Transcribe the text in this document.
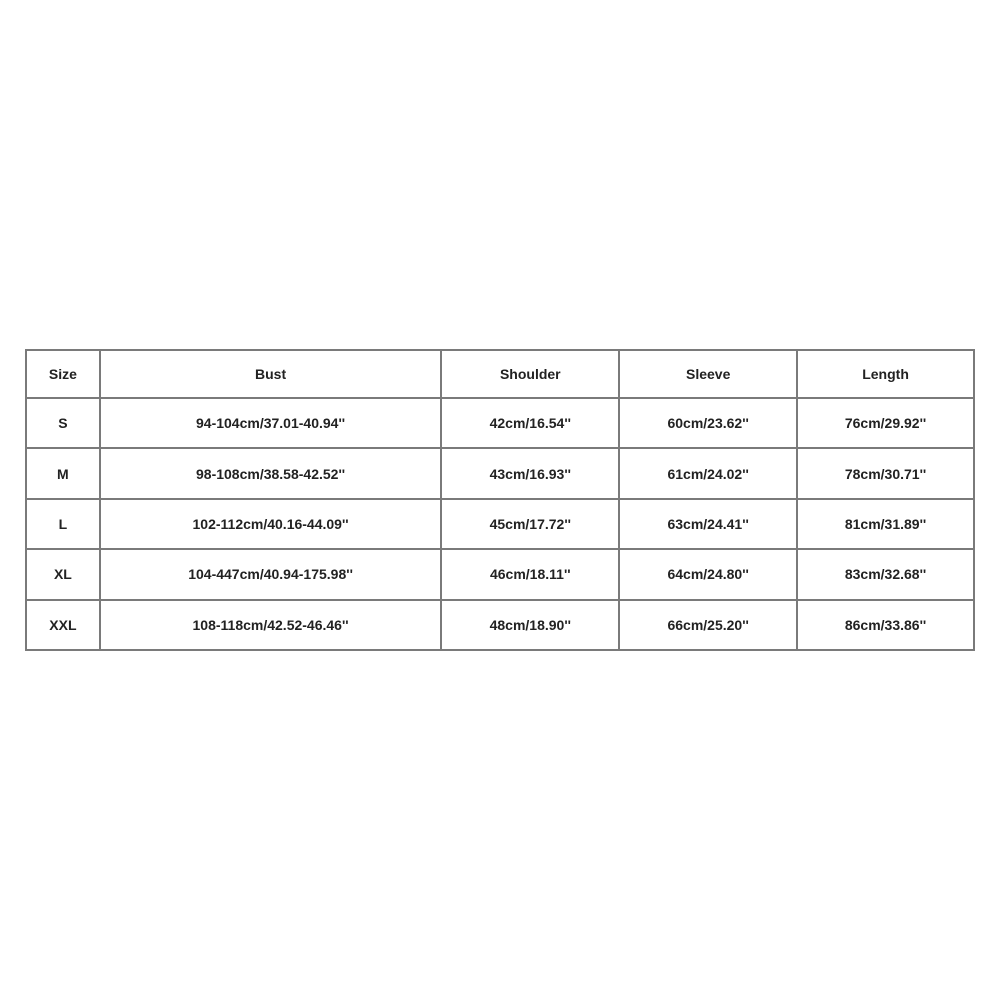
Size	Bust	Shoulder	Sleeve	Length
S	94-104cm/37.01-40.94''	42cm/16.54''	60cm/23.62''	76cm/29.92''
M	98-108cm/38.58-42.52''	43cm/16.93''	61cm/24.02''	78cm/30.71''
L	102-112cm/40.16-44.09''	45cm/17.72''	63cm/24.41''	81cm/31.89''
XL	104-447cm/40.94-175.98''	46cm/18.11''	64cm/24.80''	83cm/32.68''
XXL	108-118cm/42.52-46.46''	48cm/18.90''	66cm/25.20''	86cm/33.86''
